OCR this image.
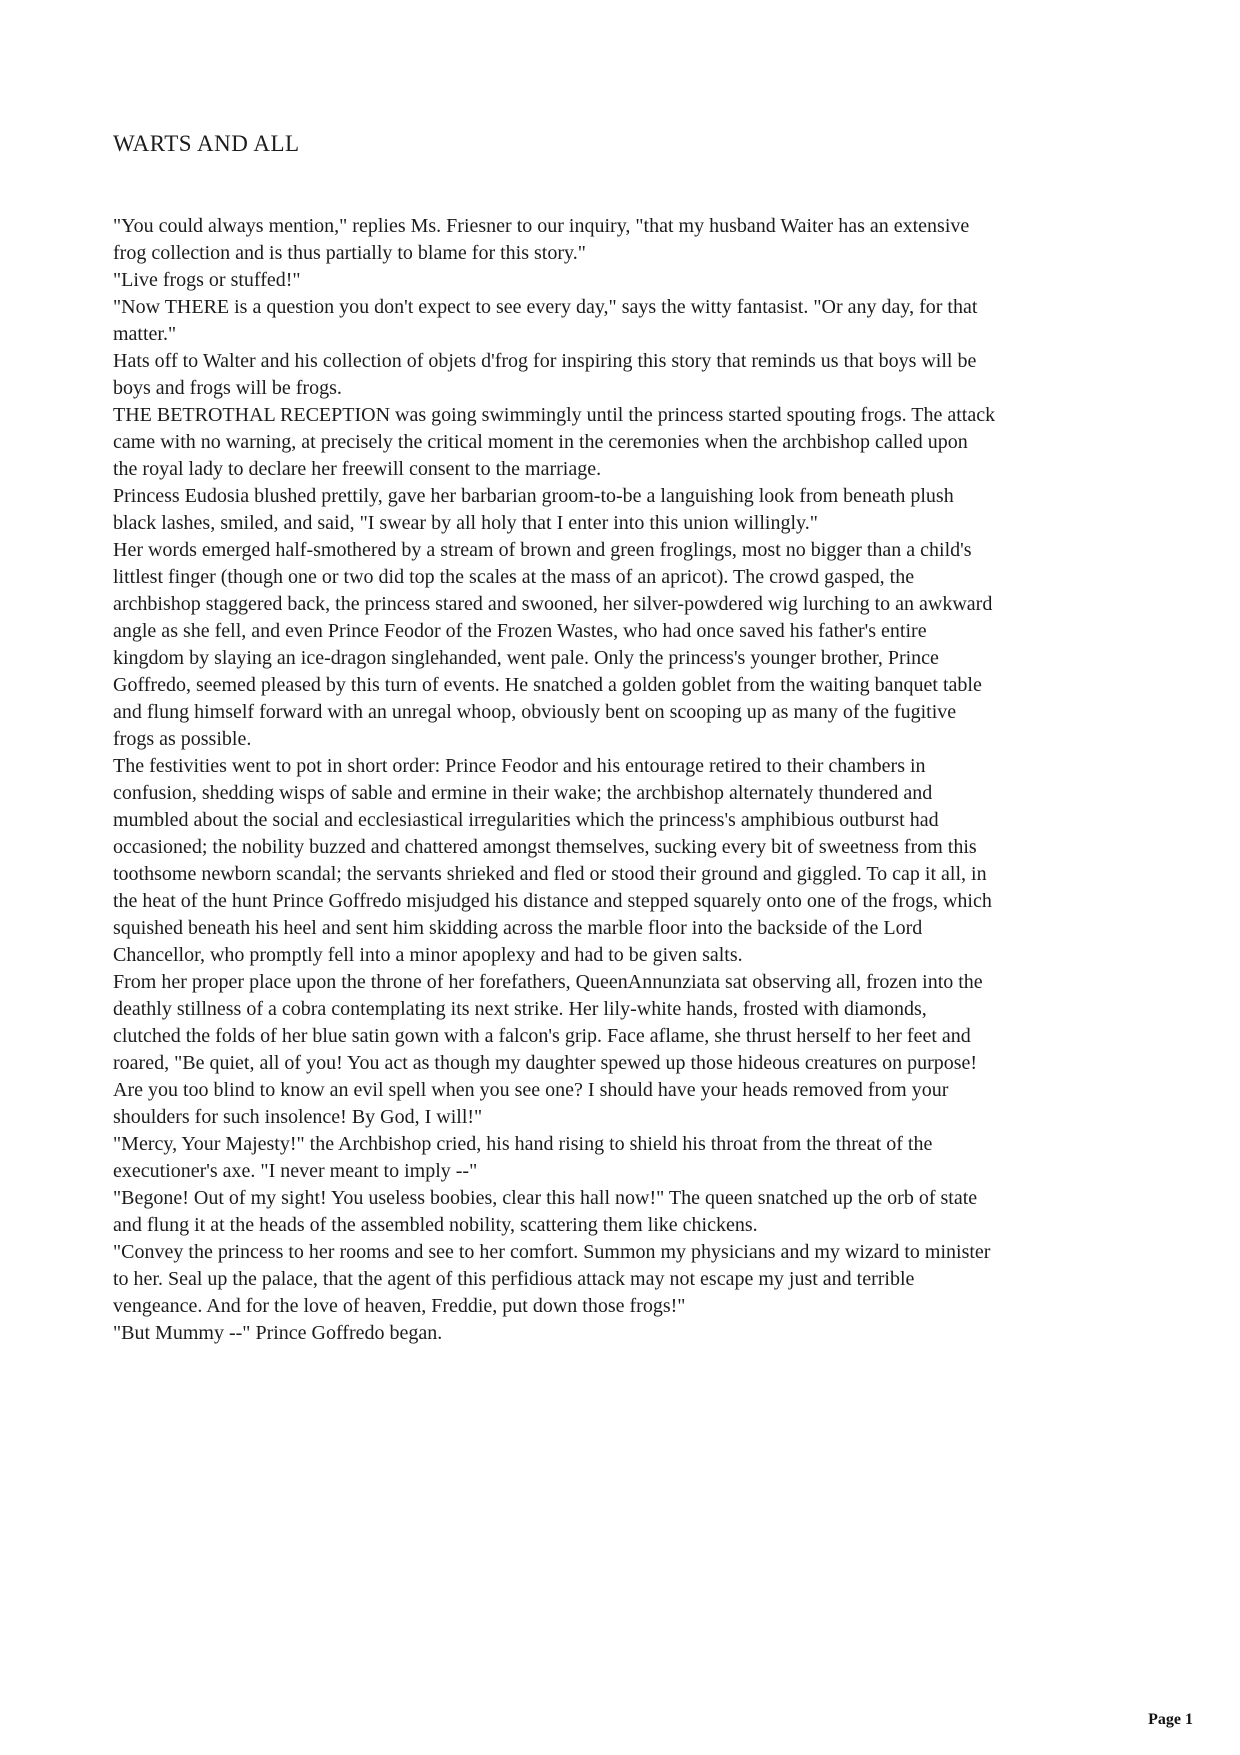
WARTS AND ALL

"You could always mention," replies Ms. Friesner to our inquiry, "that my husband Waiter has an extensive frog collection and is thus partially to blame for this story."

"Live frogs or stuffed!"

"Now THERE is a question you don't expect to see every day," says the witty fantasist. "Or any day, for that matter."

Hats off to Walter and his collection of objets d'frog for inspiring this story that reminds us that boys will be boys and frogs will be frogs.

THE BETROTHAL RECEPTION was going swimmingly until the princess started spouting frogs. The attack came with no warning, at precisely the critical moment in the ceremonies when the archbishop called upon the royal lady to declare her freewill consent to the marriage.

Princess Eudosia blushed prettily, gave her barbarian groom-to-be a languishing look from beneath plush black lashes, smiled, and said, "I swear by all holy that I enter into this union willingly."

Her words emerged half-smothered by a stream of brown and green froglings, most no bigger than a child's littlest finger (though one or two did top the scales at the mass of an apricot). The crowd gasped, the archbishop staggered back, the princess stared and swooned, her silver-powdered wig lurching to an awkward angle as she fell, and even Prince Feodor of the Frozen Wastes, who had once saved his father's entire kingdom by slaying an ice-dragon singlehanded, went pale. Only the princess's younger brother, Prince Goffredo, seemed pleased by this turn of events. He snatched a golden goblet from the waiting banquet table and flung himself forward with an unregal whoop, obviously bent on scooping up as many of the fugitive frogs as possible.

The festivities went to pot in short order: Prince Feodor and his entourage retired to their chambers in confusion, shedding wisps of sable and ermine in their wake; the archbishop alternately thundered and mumbled about the social and ecclesiastical irregularities which the princess's amphibious outburst had occasioned; the nobility buzzed and chattered amongst themselves, sucking every bit of sweetness from this toothsome newborn scandal; the servants shrieked and fled or stood their ground and giggled. To cap it all, in the heat of the hunt Prince Goffredo misjudged his distance and stepped squarely onto one of the frogs, which squished beneath his heel and sent him skidding across the marble floor into the backside of the Lord Chancellor, who promptly fell into a minor apoplexy and had to be given salts.

From her proper place upon the throne of her forefathers, QueenAnnunziata sat observing all, frozen into the deathly stillness of a cobra contemplating its next strike. Her lily-white hands, frosted with diamonds, clutched the folds of her blue satin gown with a falcon's grip. Face aflame, she thrust herself to her feet and roared, "Be quiet, all of you! You act as though my daughter spewed up those hideous creatures on purpose! Are you too blind to know an evil spell when you see one? I should have your heads removed from your shoulders for such insolence! By God, I will!"

"Mercy, Your Majesty!" the Archbishop cried, his hand rising to shield his throat from the threat of the executioner's axe. "I never meant to imply --"

"Begone! Out of my sight! You useless boobies, clear this hall now!" The queen snatched up the orb of state and flung it at the heads of the assembled nobility, scattering them like chickens.

"Convey the princess to her rooms and see to her comfort. Summon my physicians and my wizard to minister to her. Seal up the palace, that the agent of this perfidious attack may not escape my just and terrible vengeance. And for the love of heaven, Freddie, put down those frogs!"

"But Mummy --" Prince Goffredo began.

Page 1
